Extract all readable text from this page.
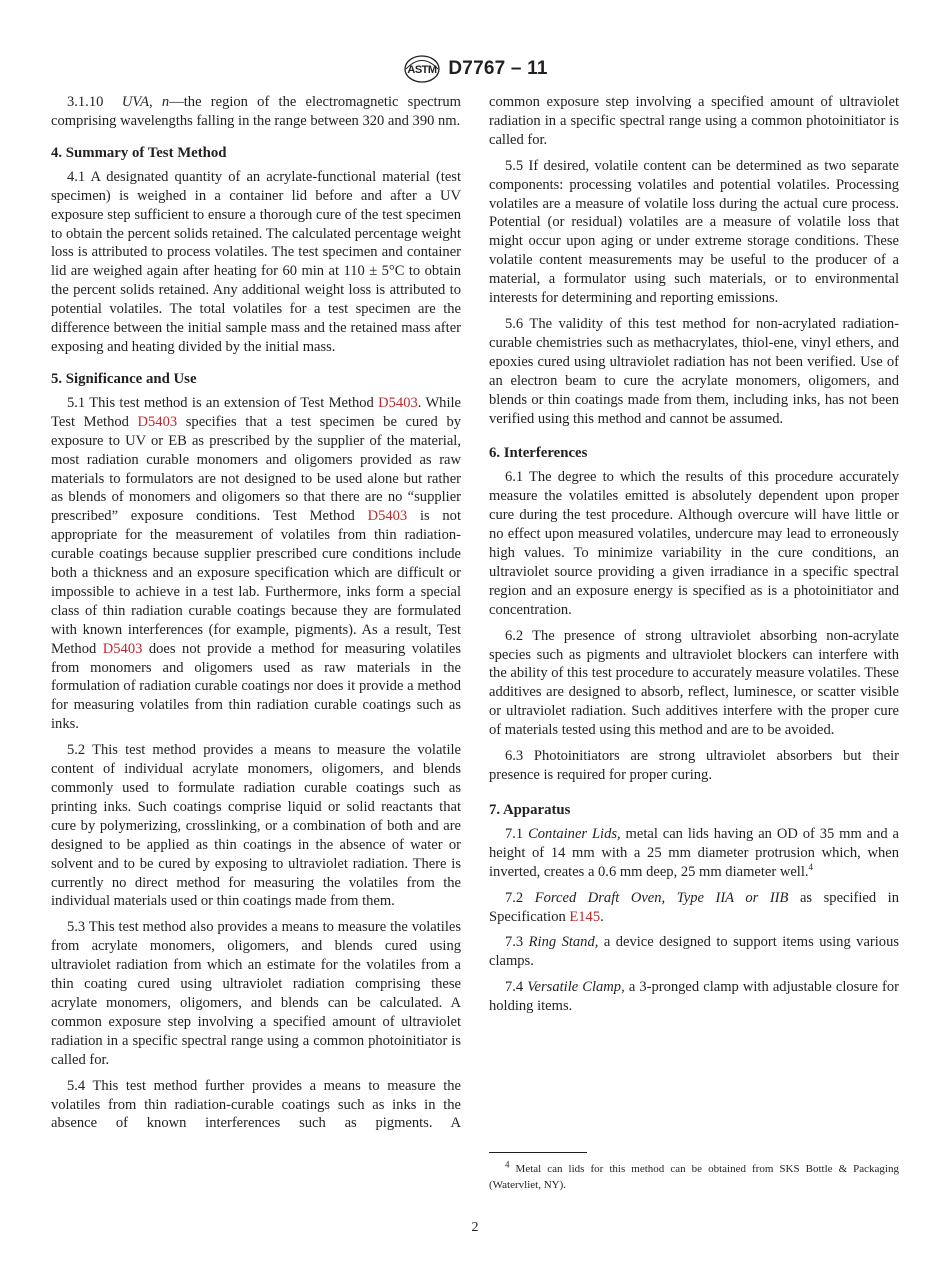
ASTM D7767 – 11

3.1.10 UVA, n—the region of the electromagnetic spectrum comprising wavelengths falling in the range between 320 and 390 nm.

4. Summary of Test Method

4.1 A designated quantity of an acrylate-functional material (test specimen) is weighed in a container lid before and after a UV exposure step sufficient to ensure a thorough cure of the test specimen to obtain the percent solids retained. The calculated percentage weight loss is attributed to process volatiles. The test specimen and container lid are weighed again after heating for 60 min at 110 ± 5°C to obtain the percent solids retained. Any additional weight loss is attributed to potential volatiles. The total volatiles for a test specimen are the difference between the initial sample mass and the retained mass after exposing and heating divided by the initial mass.

5. Significance and Use

5.1 This test method is an extension of Test Method D5403. While Test Method D5403 specifies that a test specimen be cured by exposure to UV or EB as prescribed by the supplier of the material, most radiation curable monomers and oligomers provided as raw materials to formulators are not designed to be used alone but rather as blends of monomers and oligomers so that there are no “supplier prescribed” exposure conditions. Test Method D5403 is not appropriate for the measurement of volatiles from thin radiation-curable coatings because supplier prescribed cure conditions include both a thickness and an exposure specification which are difficult or impossible to achieve in a test lab. Furthermore, inks form a special class of thin radiation curable coatings because they are formulated with known interferences (for example, pigments). As a result, Test Method D5403 does not provide a method for measuring volatiles from monomers and oligomers used as raw materials in the formulation of radiation curable coatings nor does it provide a method for measuring volatiles from thin radiation curable coatings such as inks.

5.2 This test method provides a means to measure the volatile content of individual acrylate monomers, oligomers, and blends commonly used to formulate radiation curable coatings such as printing inks. Such coatings comprise liquid or solid reactants that cure by polymerizing, crosslinking, or a combination of both and are designed to be applied as thin coatings in the absence of water or solvent and to be cured by exposing to ultraviolet radiation. There is currently no direct method for measuring the volatiles from the individual materials used or thin coatings made from them.

5.3 This test method also provides a means to measure the volatiles from acrylate monomers, oligomers, and blends cured using ultraviolet radiation from which an estimate for the volatiles from a thin coating cured using ultraviolet radiation comprising these acrylate monomers, oligomers, and blends can be calculated. A common exposure step involving a specified amount of ultraviolet radiation in a specific spectral range using a common photoinitiator is called for.

5.4 This test method further provides a means to measure the volatiles from thin radiation-curable coatings such as inks in the absence of known interferences such as pigments. A

common exposure step involving a specified amount of ultraviolet radiation in a specific spectral range using a common photoinitiator is called for.

5.5 If desired, volatile content can be determined as two separate components: processing volatiles and potential volatiles. Processing volatiles are a measure of volatile loss during the actual cure process. Potential (or residual) volatiles are a measure of volatile loss that might occur upon aging or under extreme storage conditions. These volatile content measurements may be useful to the producer of a material, a formulator using such materials, or to environmental interests for determining and reporting emissions.

5.6 The validity of this test method for non-acrylated radiation-curable chemistries such as methacrylates, thiol-ene, vinyl ethers, and epoxies cured using ultraviolet radiation has not been verified. Use of an electron beam to cure the acrylate monomers, oligomers, and blends or thin coatings made from them, including inks, has not been verified using this method and cannot be assumed.

6. Interferences

6.1 The degree to which the results of this procedure accurately measure the volatiles emitted is absolutely dependent upon proper cure during the test procedure. Although overcure will have little or no effect upon measured volatiles, undercure may lead to erroneously high values. To minimize variability in the cure conditions, an ultraviolet source providing a given irradiance in a specific spectral region and an exposure energy is specified as is a photoinitiator and concentration.

6.2 The presence of strong ultraviolet absorbing non-acrylate species such as pigments and ultraviolet blockers can interfere with the ability of this test procedure to accurately measure volatiles. These additives are designed to absorb, reflect, luminesce, or scatter visible or ultraviolet radiation. Such additives interfere with the proper cure of materials tested using this method and are to be avoided.

6.3 Photoinitiators are strong ultraviolet absorbers but their presence is required for proper curing.

7. Apparatus

7.1 Container Lids, metal can lids having an OD of 35 mm and a height of 14 mm with a 25 mm diameter protrusion which, when inverted, creates a 0.6 mm deep, 25 mm diameter well.$^4$

7.2 Forced Draft Oven, Type IIA or IIB as specified in Specification E145.

7.3 Ring Stand, a device designed to support items using various clamps.

7.4 Versatile Clamp, a 3-pronged clamp with adjustable closure for holding items.

$^4$ Metal can lids for this method can be obtained from SKS Bottle & Packaging (Watervliet, NY).
2
